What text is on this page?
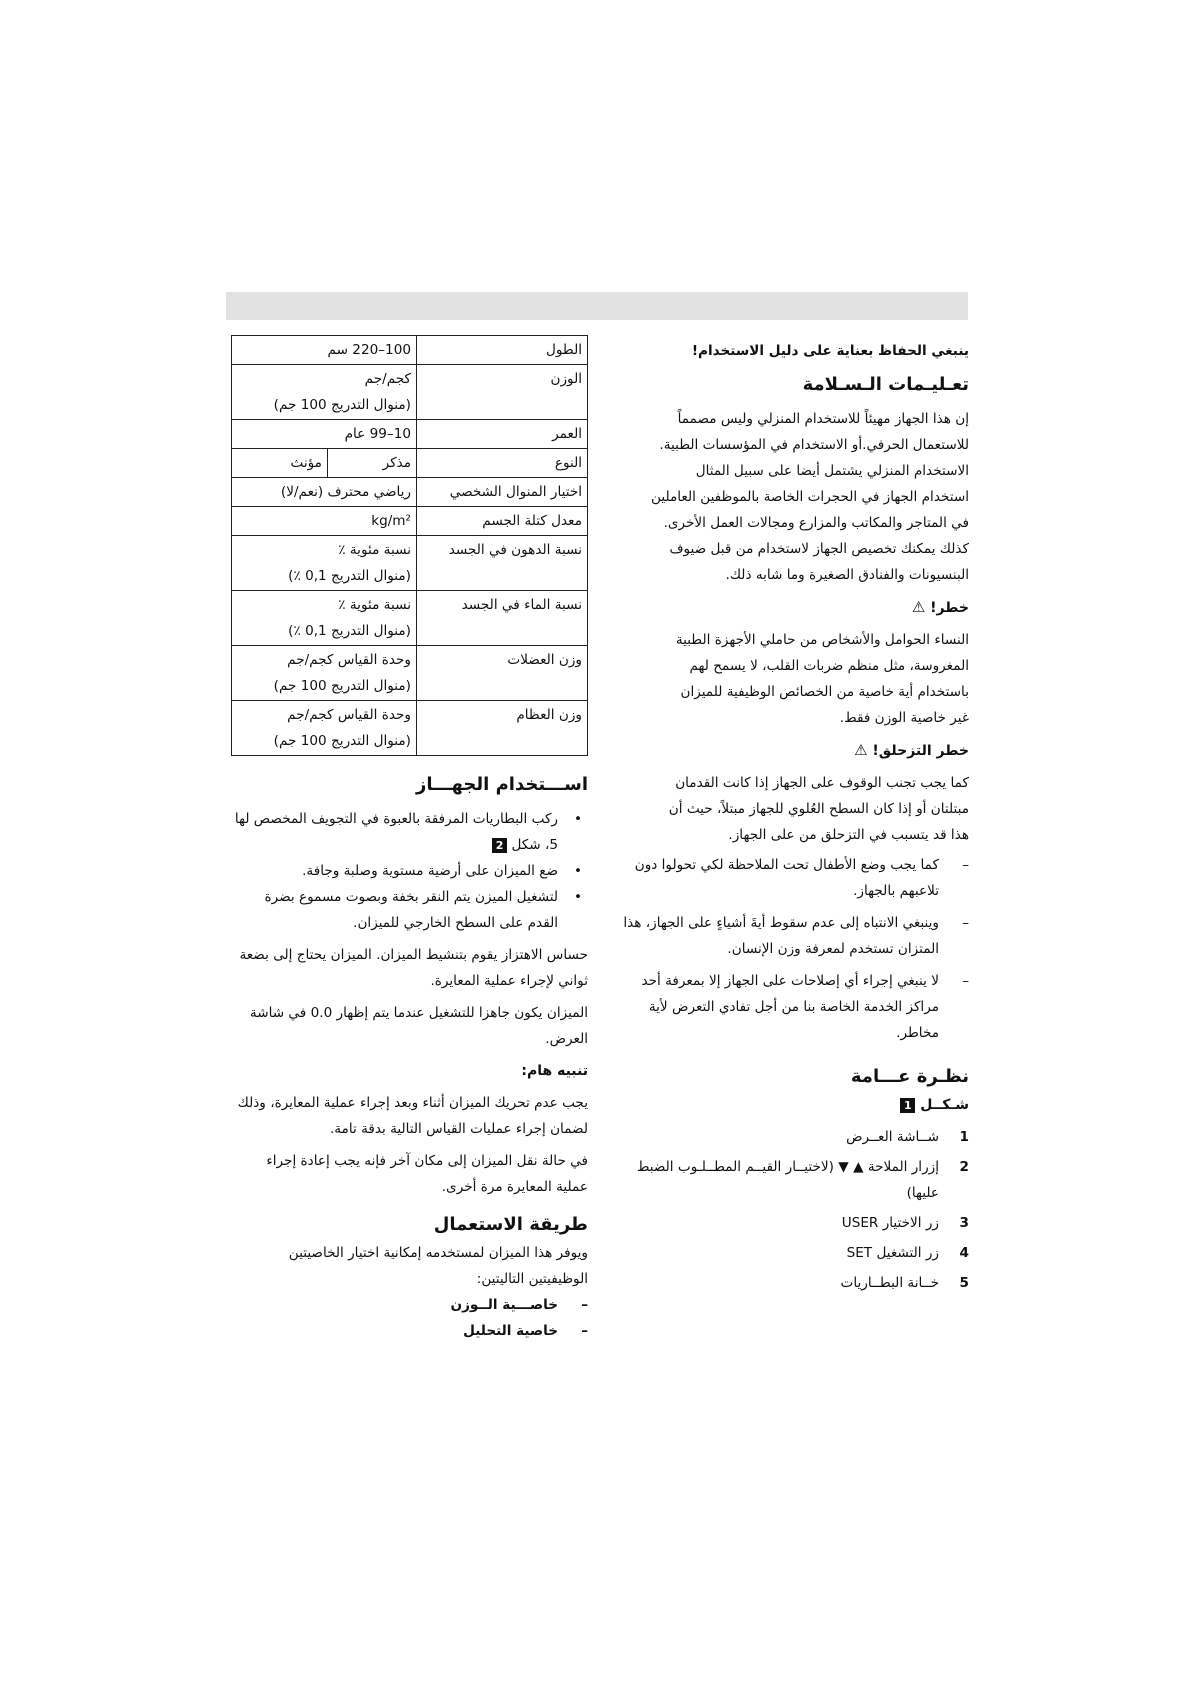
ينبغي الحفاظ بعناية على دليل الاستخدام!

تعـليـمات الـسـلامة

إن هذا الجهاز مهيئاً للاستخدام المنزلي وليس مصمماً

للاستعمال الحرفي.أو الاستخدام في المؤسسات الطبية.

الاستخدام المنزلي يشتمل أيضا على سبيل المثال

استخدام الجهاز في الحجرات الخاصة بالموظفين العاملين

في المتاجر والمكاتب والمزارع ومجالات العمل الأخرى.

كذلك يمكنك تخصيص الجهاز لاستخدام من قبل ضيوف

البنسيونات والفنادق الصغيرة وما شابه ذلك.

خطر! ⚠

النساء الحوامل والأشخاص من حاملي الأجهزة الطبية

المغروسة، مثل منظم ضربات القلب، لا يسمح لهم

باستخدام أية خاصية من الخصائص الوظيفية للميزان

غير خاصية الوزن فقط.

خطر التزحلق! ⚠

كما يجب تجنب الوقوف على الجهاز إذا كانت القدمان

مبتلتان أو إذا كان السطح العُلوي للجهاز مبتلاً، حيث أن

هذا قد يتسبب في التزحلق من على الجهاز.

– كما يجب وضع الأطفال تحت الملاحظة لكي تحولوا دون تلاعبهم بالجهاز.
– وينبغي الانتباه إلى عدم سقوط أيةَ أشياءٍ على الجهاز، هذا المتزان تستخدم لمعرفة وزن الإنسان.
– لا ينبغي إجراء أي إصلاحات على الجهاز إلا بمعرفة أحد مراكز الخدمة الخاصة بنا من أجل تفادي التعرض لأية مخاطر.
نظـرة عـــامة
شـكــل 1
1
شــاشة العــرض
2
إزرار الملاحة ▲ ▼ (لاختيــار القيــم المطــلـوب الضبط عليها)
3
زر الاختيار USER
4
زر التشغيل SET
5
خــانة البطــاريات
الطول	100–220 سم	

الوزن	كجم/جم
(منوال التدريج 100 جم)	

العمر	10–99 عام	

النوع	مذكر	مؤنث
اختيار المنوال الشخصي	رياضي محترف (نعم/لا)	

معدل كتلة الجسم	kg/m²	

نسبة الدهون في الجسد	نسبة مئوية ٪
(منوال التدريج 0,1 ٪)	

نسبة الماء في الجسد	نسبة مئوية ٪
(منوال التدريج 0,1 ٪)	

وزن العضلات	وحدة القياس كجم/جم
(منوال التدريج 100 جم)	

وزن العظام	وحدة القياس كجم/جم
(منوال التدريج 100 جم)	
اســـتخدام الجهـــاز
• ركب البطاريات المرفقة بالعبوة في التجويف المخصص لها 5، شكل 2
• ضع الميزان على أرضية مستوية وصلبة وجافة.
• لتشغيل الميزن يتم النقر بخفة وبصوت مسموع بضرة القدم على السطح الخارجي للميزان.

حساس الاهتزاز يقوم بتنشيط الميزان. الميزان يحتاج إلى بضعة ثواني لإجراء عملية المعايرة.

الميزان يكون جاهزا للتشغيل عندما يتم إظهار 0.0 في شاشة العرض.

تنبيه هام:

يجب عدم تحريك الميزان أثناء وبعد إجراء عملية المعايرة، وذلك لضمان إجراء عمليات القياس التالية بدقة تامة.

في حالة نقل الميزان إلى مكان آخر فإنه يجب إعادة إجراء عملية المعايرة مرة أخرى.

طريقة الاستعمال

ويوفر هذا الميزان لمستخدمه إمكانية اختيار الخاصيتين الوظيفيتين التاليتين:

– خاصـــية الــوزن
– خاصية التحليل
